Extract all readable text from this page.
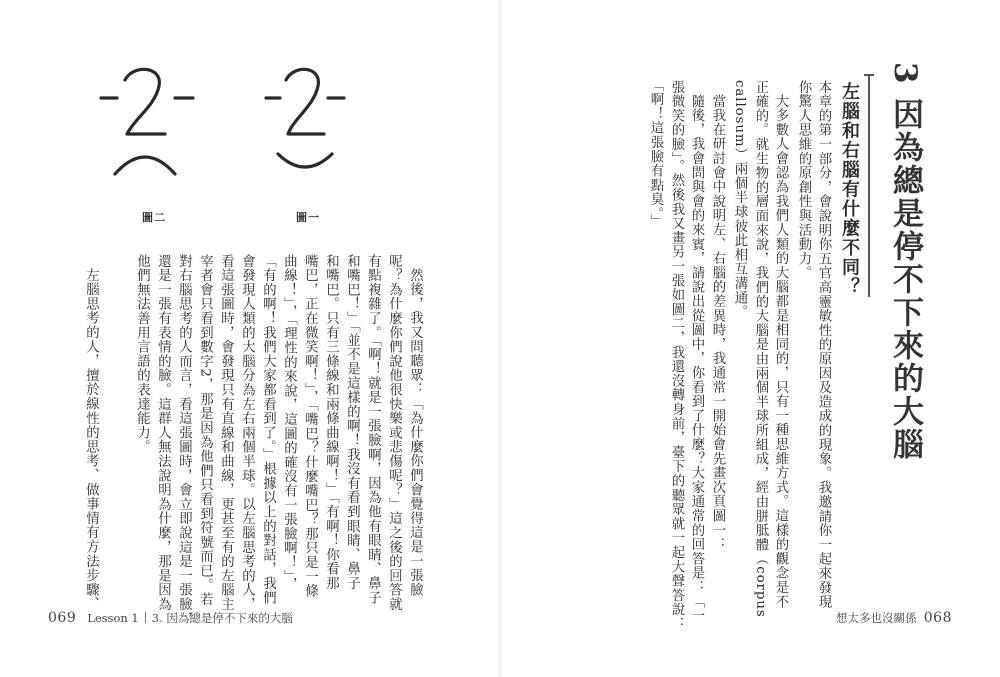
3 因為總是停不下來的大腦
左腦和右腦有什麼不同？
本章的第一部分，會說明你五官高靈敏性的原因及造成的現象。我邀請你一起來發現
你驚人思維的原創性與活動力。
大多數人會認為我們人類的大腦都是相同的，只有一種思維方式。這樣的觀念是不
正確的。就生物的層面來說，我們的大腦是由兩個半球所組成，經由胼胝體（corpus
callosum）兩個半球彼此相互溝通。
當我在研討會中說明左、右腦的差異時，我通常一開始會先畫次頁圖一：
隨後，我會問與會的來賓，請說出從圖中，你看到了什麼？大家通常的回答是：「一
張微笑的臉」。然後我又畫另一張如圖二，我還沒轉身前，臺下的聽眾就一起大聲答說：
「啊！這張臉有點臭。」
想太多也沒關係 068
圖一
圖二
然後，我又問聽眾：「為什麼你們會覺得這是一張臉
呢？為什麼你們說他很快樂或悲傷呢？」這之後的回答就
有點複雜了。「啊！就是一張臉啊，因為他有眼睛、鼻子
和嘴巴！」「並不是這樣的啊！我沒有看到眼睛、鼻子
和嘴巴。只有三條線和兩條曲線啊！」「有啊！你看那
嘴巴，正在微笑啊！」，「嘴巴？什麼嘴巴？那只是一條
曲線！」，「理性的來說，這圖的確沒有一張臉啊！」，
「有的啊！我們大家都看到了。」根據以上的對話，我們
會發現人類的大腦分為左右兩個半球。以左腦思考的人，
看這張圖時，會發現只有直線和曲線，更甚至有的左腦主
宰者會只看到數字2，那是因為他們只看到符號而已。若
對右腦思考的人而言，看這張圖時，會立即說這是一張臉，
還是一張有表情的臉。這群人無法說明為什麼，那是因為
他們無法善用言語的表達能力。
左腦思考的人，擅於線性的思考、做事情有方法步驟、
069 Lesson 1 3. 因為總是停不下來的大腦
